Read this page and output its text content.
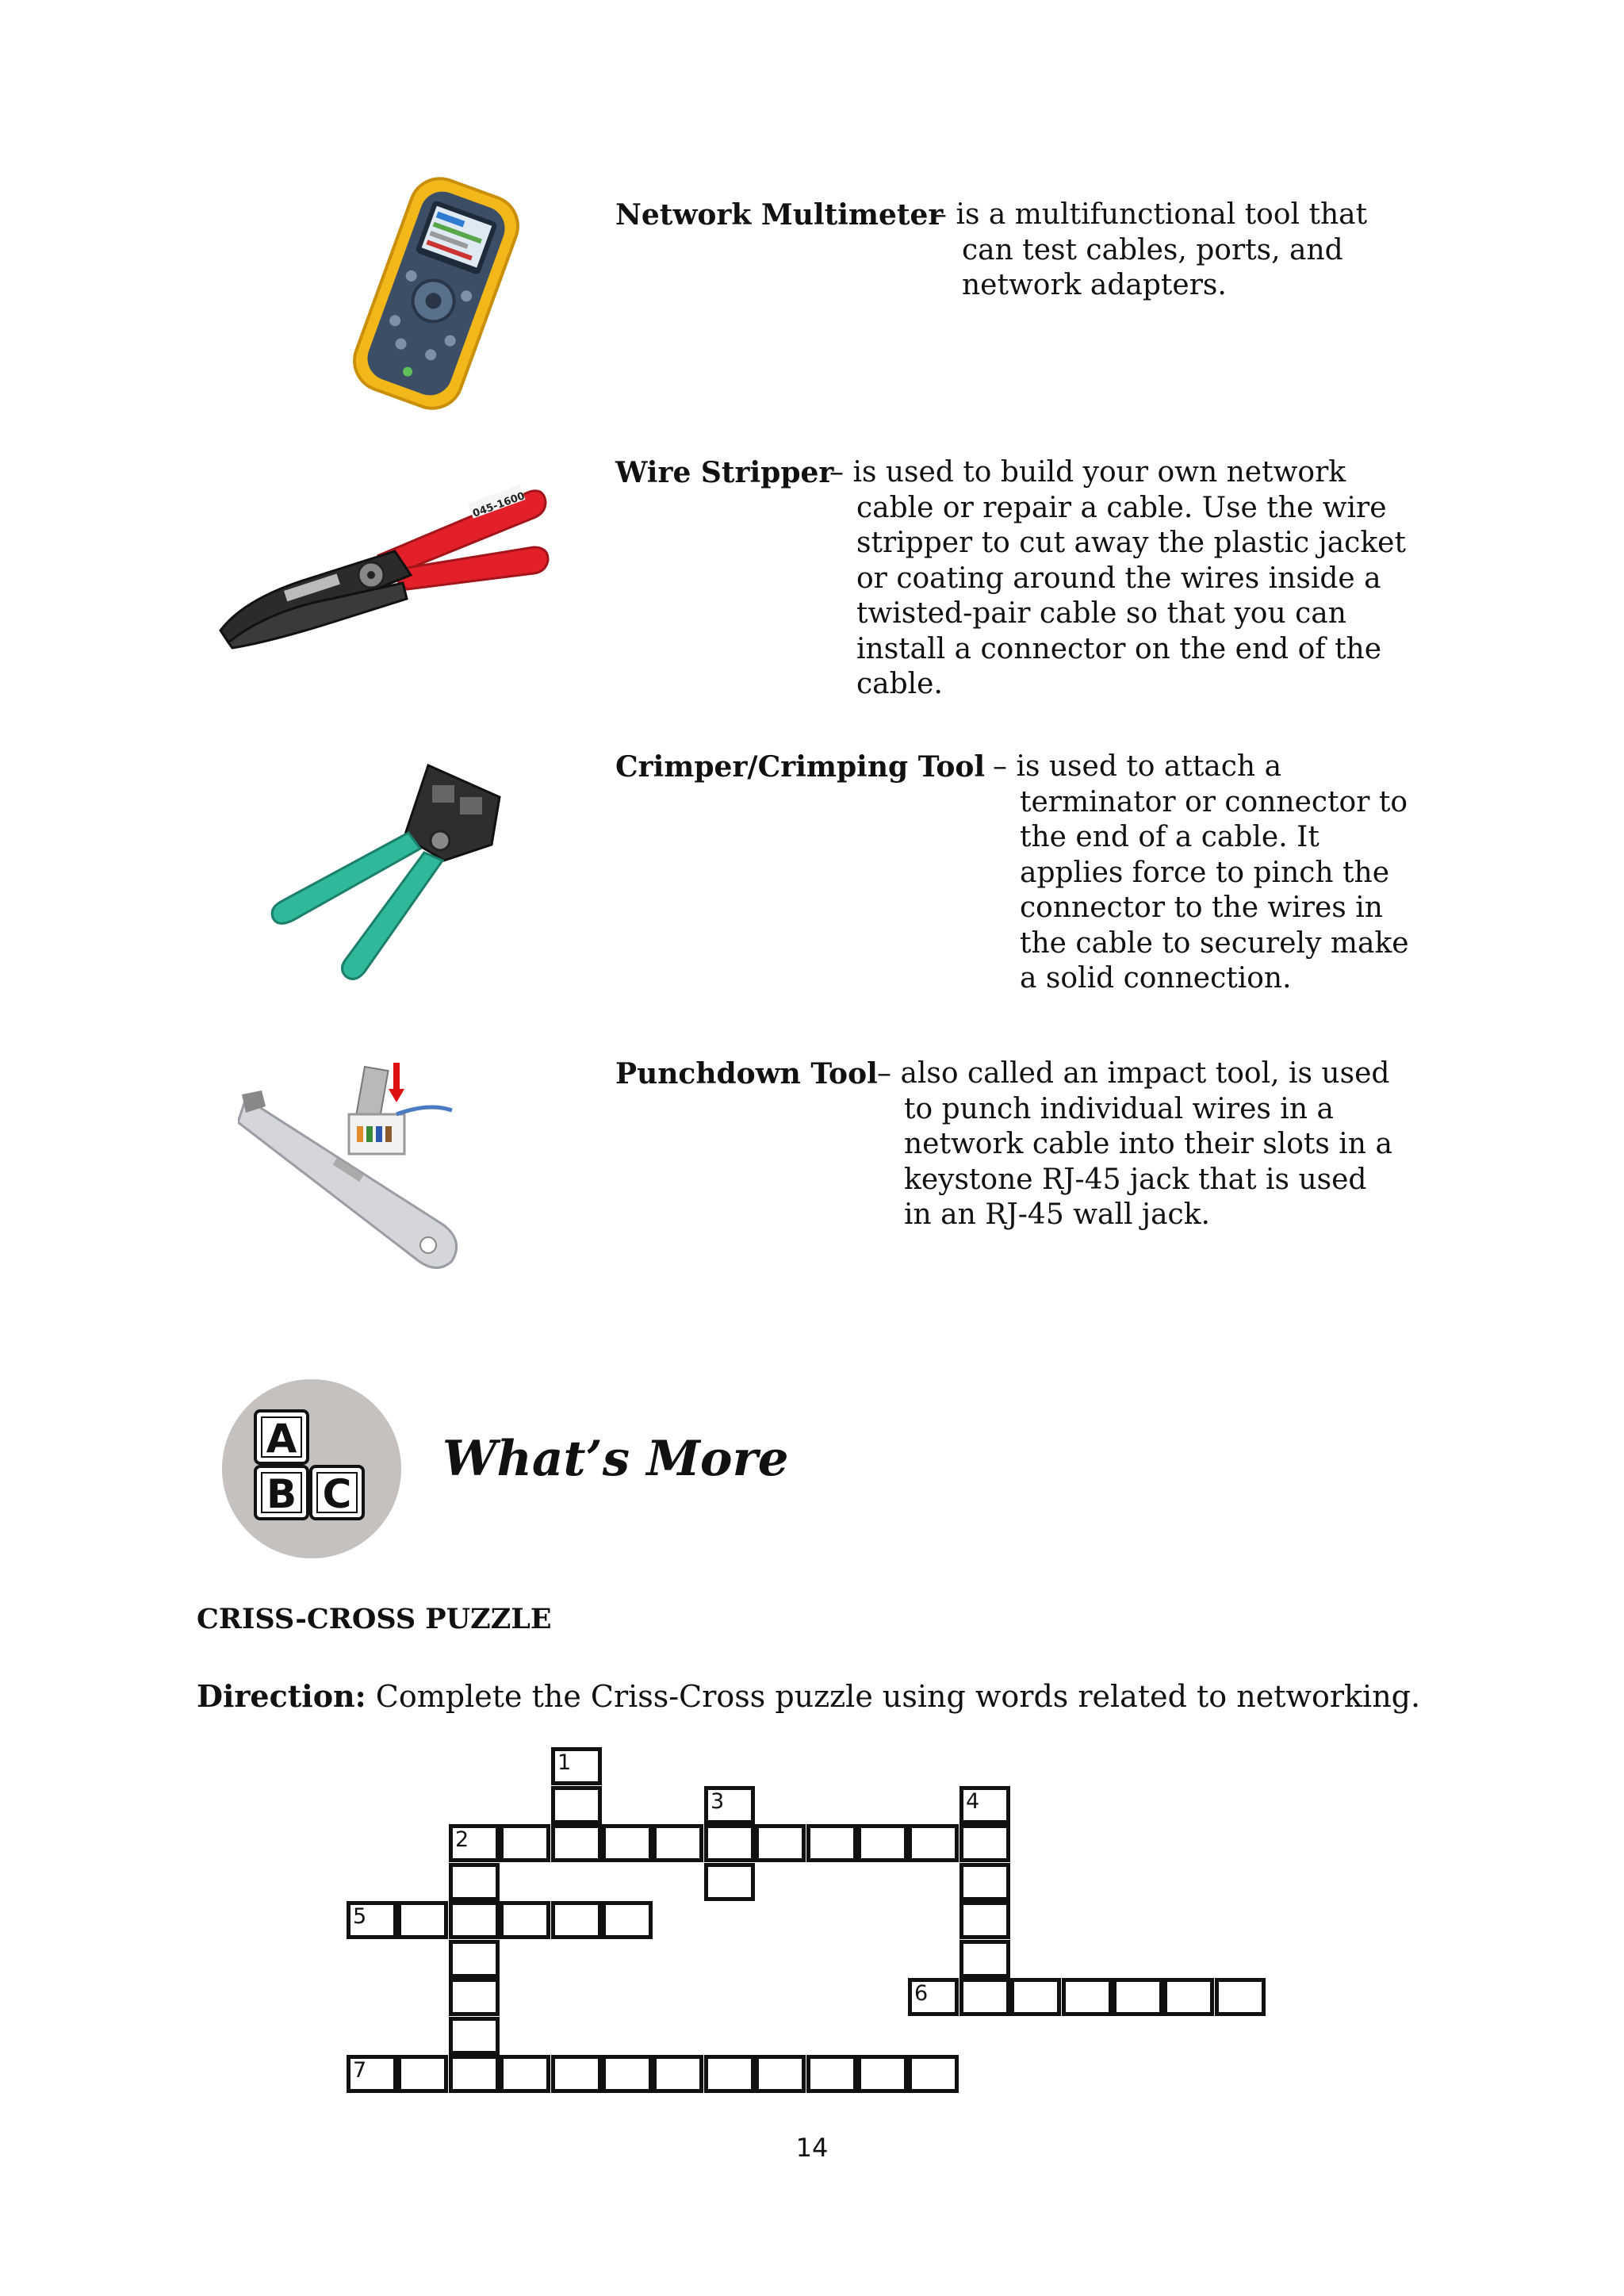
Network Multimeter
– is a multifunctional tool that
can test cables, ports, and
network adapters.
045-1600
Wire Stripper
– is used to build your own network
cable or repair a cable. Use the wire
stripper to cut away the plastic jacket
or coating around the wires inside a
twisted-pair cable so that you can
install a connector on the end of the
cable.
Crimper/Crimping Tool – is used to attach a
terminator or connector to
the end of a cable. It
applies force to pinch the
connector to the wires in
the cable to securely make
a solid connection.
Punchdown Tool – also called an impact tool, is used
to punch individual wires in a
network cable into their slots in a
keystone RJ-45 jack that is used
in an RJ-45 wall jack.
A
B C
What’s More
CRISS-CROSS PUZZLE
Direction: Complete the Criss-Cross puzzle using words related to networking.
1
2
3	4
5
6
7
14
